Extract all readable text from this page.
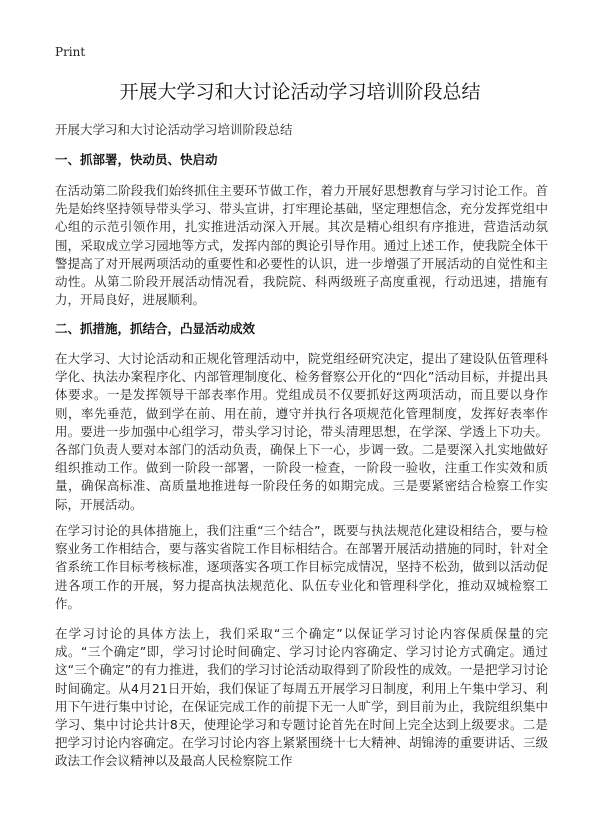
Print
开展大学习和大讨论活动学习培训阶段总结
开展大学习和大讨论活动学习培训阶段总结
一、抓部署，快动员、快启动

在活动第二阶段我们始终抓住主要环节做工作，着力开展好思想教育与学习讨论工作。首先是始终坚持领导带头学习、带头宣讲，打牢理论基础，坚定理想信念，充分发挥党组中心组的示范引领作用，扎实推进活动深入开展。其次是精心组织有序推进，营造活动氛围，采取成立学习园地等方式，发挥内部的舆论引导作用。通过上述工作，使我院全体干警提高了对开展两项活动的重要性和必要性的认识，进一步增强了开展活动的自觉性和主动性。从第二阶段开展活动情况看，我院院、科两级班子高度重视，行动迅速，措施有力，开局良好，进展顺利。

二、抓措施，抓结合，凸显活动成效

在大学习、大讨论活动和正规化管理活动中，院党组经研究决定，提出了建设队伍管理科学化、执法办案程序化、内部管理制度化、检务督察公开化的“四化”活动目标，并提出具体要求。一是发挥领导干部表率作用。党组成员不仅要抓好这两项活动，而且要以身作则，率先垂范，做到学在前、用在前，遵守并执行各项规范化管理制度，发挥好表率作用。要进一步加强中心组学习，带头学习讨论，带头清理思想，在学深、学透上下功夫。各部门负责人要对本部门的活动负责，确保上下一心，步调一致。二是要深入扎实地做好组织推动工作。做到一阶段一部署，一阶段一检查，一阶段一验收，注重工作实效和质量，确保高标准、高质量地推进每一阶段任务的如期完成。三是要紧密结合检察工作实际，开展活动。

在学习讨论的具体措施上，我们注重“三个结合”，既要与执法规范化建设相结合，要与检察业务工作相结合，要与落实省院工作目标相结合。在部署开展活动措施的同时，针对全省系统工作目标考核标准，逐项落实各项工作目标完成情况，坚持不松劲，做到以活动促进各项工作的开展，努力提高执法规范化、队伍专业化和管理科学化，推动双城检察工作。

在学习讨论的具体方法上，我们采取“三个确定”以保证学习讨论内容保质保量的完成。“三个确定”即，学习讨论时间确定、学习讨论内容确定、学习讨论方式确定。通过这“三个确定”的有力推进，我们的学习讨论活动取得到了阶段性的成效。一是把学习讨论时间确定。从4月21日开始，我们保证了每周五开展学习日制度，利用上午集中学习、利用下午进行集中讨论，在保证完成工作的前提下无一人旷学，到目前为止，我院组织集中学习、集中讨论共计8天，使理论学习和专题讨论首先在时间上完全达到上级要求。二是把学习讨论内容确定。在学习讨论内容上紧紧围绕十七大精神、胡锦涛的重要讲话、三级政法工作会议精神以及最高人民检察院工作
